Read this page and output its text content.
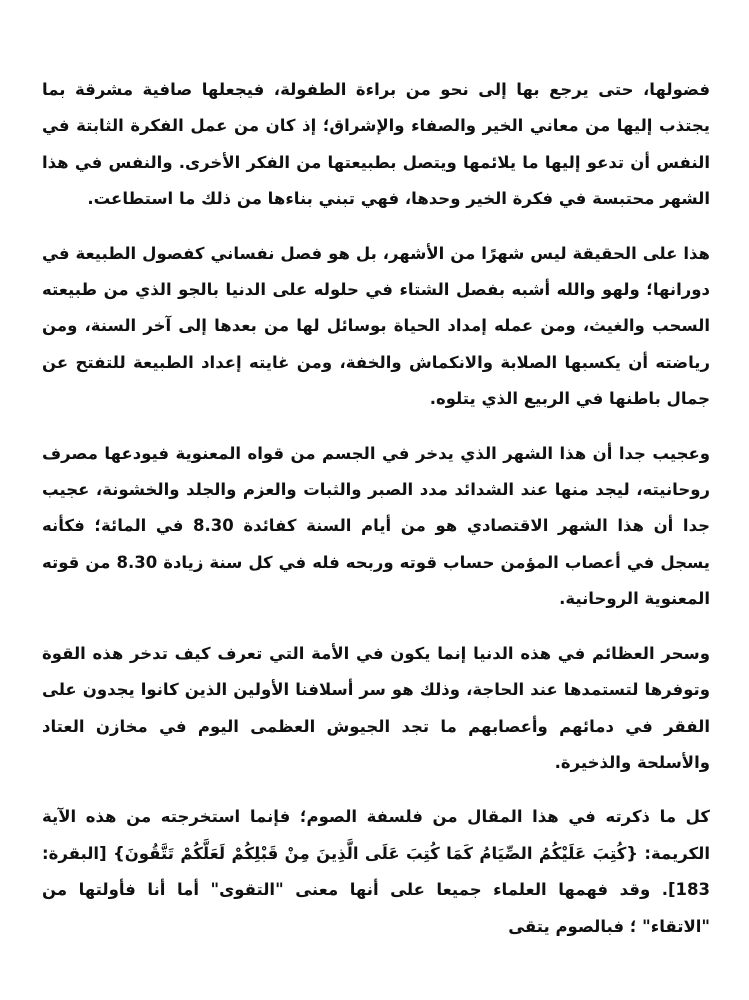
فضولها، حتى يرجع بها إلى نحو من براءة الطفولة، فيجعلها صافية مشرقة بما يجتذب إليها من معاني الخير والصفاء والإشراق؛ إذ كان من عمل الفكرة الثابتة في النفس أن تدعو إليها ما يلائمها ويتصل بطبيعتها من الفكر الأخرى. والنفس في هذا الشهر محتبسة في فكرة الخير وحدها، فهي تبني بناءها من ذلك ما استطاعت.

هذا على الحقيقة ليس شهرًا من الأشهر، بل هو فصل نفساني كفصول الطبيعة في دورانها؛ ولهو والله أشبه بفصل الشتاء في حلوله على الدنيا بالجو الذي من طبيعته السحب والغيث، ومن عمله إمداد الحياة بوسائل لها من بعدها إلى آخر السنة، ومن رياضته أن يكسبها الصلابة والانكماش والخفة، ومن غايته إعداد الطبيعة للتفتح عن جمال باطنها في الربيع الذي يتلوه.

وعجيب جدا أن هذا الشهر الذي يدخر في الجسم من قواه المعنوية فيودعها مصرف روحانيته، ليجد منها عند الشدائد مدد الصبر والثبات والعزم والجلد والخشونة، عجيب جدا أن هذا الشهر الاقتصادي هو من أيام السنة كفائدة 8.30 في المائة؛ فكأنه يسجل في أعصاب المؤمن حساب قوته وربحه فله في كل سنة زيادة 8.30 من قوته المعنوية الروحانية.

وسحر العظائم في هذه الدنيا إنما يكون في الأمة التي تعرف كيف تدخر هذه القوة وتوفرها لتستمدها عند الحاجة، وذلك هو سر أسلافنا الأولين الذين كانوا يجدون على الفقر في دمائهم وأعصابهم ما تجد الجيوش العظمى اليوم في مخازن العتاد والأسلحة والذخيرة.

كل ما ذكرته في هذا المقال من فلسفة الصوم؛ فإنما استخرجته من هذه الآية الكريمة: {كُتِبَ عَلَيْكُمُ الصِّيَامُ كَمَا كُتِبَ عَلَى الَّذِينَ مِنْ قَبْلِكُمْ لَعَلَّكُمْ تَتَّقُونَ} [البقرة: 183]. وقد فهمها العلماء جميعا على أنها معنى "التقوى" أما أنا فأولتها من "الاتقاء" ؛ فبالصوم يتقى
